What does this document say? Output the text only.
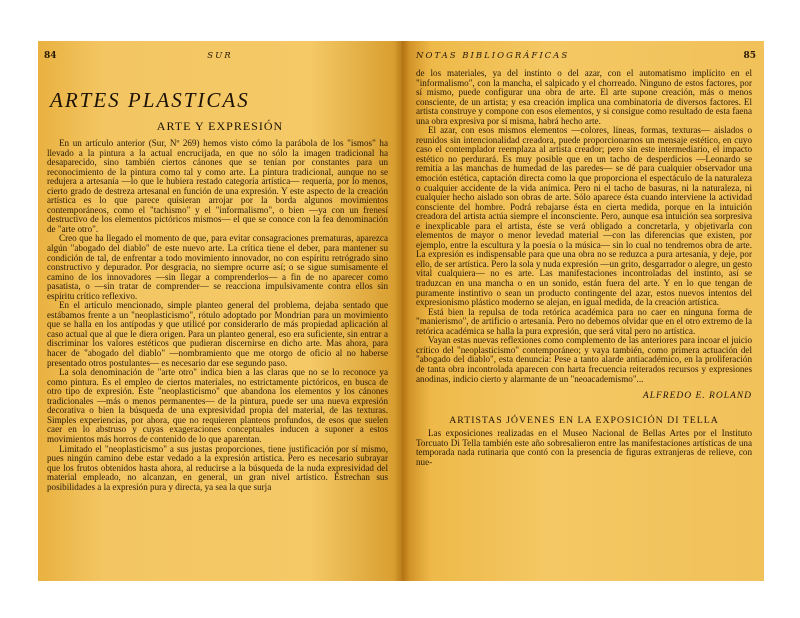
84	SUR
ARTES PLASTICAS
ARTE Y EXPRESIÓN

En un artículo anterior (Sur, Nº 269) hemos visto cómo la parábola de los "ismos" ha llevado a la pintura a la actual encrucijada, en que no sólo la imagen tradicional ha desaparecido, sino también ciertos cánones que se tenían por constantes para un reconocimiento de la pintura como tal y como arte. La pintura tradicional, aunque no se redujera a artesanía —lo que le hubiera restado categoría artística— requería, por lo menos, cierto grado de destreza artesanal en función de una expresión. Y este aspecto de la creación artística es lo que parece quisieran arrojar por la borda algunos movimientos contemporáneos, como el "tachismo" y el "informalismo", o bien —ya con un frenesí destructivo de los elementos pictóricos mismos— el que se conoce con la fea denominación de "arte otro".

Creo que ha llegado el momento de que, para evitar consagraciones prematuras, aparezca algún "abogado del diablo" de este nuevo arte. La crítica tiene el deber, para mantener su condición de tal, de enfrentar a todo movimiento innovador, no con espíritu retrógrado sino constructivo y depurador. Por desgracia, no siempre ocurre así; o se sigue sumisamente el camino de los innovadores —sin llegar a comprenderlos— a fin de no aparecer como pasatista, o —sin tratar de comprender— se reacciona impulsivamente contra ellos sin espíritu crítico reflexivo.

En el artículo mencionado, simple planteo general del problema, dejaba sentado que estábamos frente a un "neoplasticismo", rótulo adoptado por Mondrian para un movimiento que se halla en los antípodas y que utilicé por considerarlo de más propiedad aplicación al caso actual que al que le diera origen. Para un planteo general, eso era suficiente, sin entrar a discriminar los valores estéticos que pudieran discernirse en dicho arte. Mas ahora, para hacer de "abogado del diablo" —nombramiento que me otorgo de oficio al no haberse presentado otros postulantes— es necesario dar ese segundo paso.

La sola denominación de "arte otro" indica bien a las claras que no se lo reconoce ya como pintura. Es el empleo de ciertos materiales, no estrictamente pictóricos, en busca de otro tipo de expresión. Este "neoplasticismo" que abandona los elementos y los cánones tradicionales —más o menos permanentes— de la pintura, puede ser una nueva expresión decorativa o bien la búsqueda de una expresividad propia del material, de las texturas. Simples experiencias, por ahora, que no requieren planteos profundos, de esos que suelen caer en lo abstruso y cuyas exageraciones conceptuales inducen a suponer a estos movimientos más horros de contenido de lo que aparentan.

Limitado el "neoplasticismo" a sus justas proporciones, tiene justificación por sí mismo, pues ningún camino debe estar vedado a la expresión artística. Pero es necesario subrayar que los frutos obtenidos hasta ahora, al reducirse a la búsqueda de la nuda expresividad del material empleado, no alcanzan, en general, un gran nivel artístico. Estrechan sus posibilidades a la expresión pura y directa, ya sea la que surja

NOTAS BIBLIOGRÁFICAS	85

de los materiales, ya del instinto o del azar, con el automatismo implícito en el "informalismo", con la mancha, el salpicado y el chorreado. Ninguno de estos factores, por sí mismo, puede configurar una obra de arte. El arte supone creación, más o menos consciente, de un artista; y esa creación implica una combinatoria de diversos factores. El artista construye y compone con esos elementos, y si consigue como resultado de esta faena una obra expresiva por sí misma, habrá hecho arte.

El azar, con esos mismos elementos —colores, líneas, formas, texturas— aislados o reunidos sin intencionalidad creadora, puede proporcionarnos un mensaje estético, en cuyo caso el contemplador reemplaza al artista creador; pero sin este intermediario, el impacto estético no perdurará. Es muy posible que en un tacho de desperdicios —Leonardo se remitía a las manchas de humedad de las paredes— se dé para cualquier observador una emoción estética, captación directa como la que proporciona el espectáculo de la naturaleza o cualquier accidente de la vida anímica. Pero ni el tacho de basuras, ni la naturaleza, ni cualquier hecho aislado son obras de arte. Sólo aparece ésta cuando interviene la actividad consciente del hombre. Podrá rebajarse ésta en cierta medida, porque en la intuición creadora del artista actúa siempre el inconsciente. Pero, aunque esa intuición sea sorpresiva e inexplicable para el artista, éste se verá obligado a concretarla, y objetivarla con elementos de mayor o menor levedad material —con las diferencias que existen, por ejemplo, entre la escultura y la poesía o la música— sin lo cual no tendremos obra de arte. La expresión es indispensable para que una obra no se reduzca a pura artesanía, y deje, por ello, de ser artística. Pero la sola y nuda expresión —un grito, desgarrador o alegre, un gesto vital cualquiera— no es arte. Las manifestaciones incontroladas del instinto, así se traduzcan en una mancha o en un sonido, están fuera del arte. Y en lo que tengan de puramente instintivo o sean un producto contingente del azar, estos nuevos intentos del expresionismo plástico moderno se alejan, en igual medida, de la creación artística.

Está bien la repulsa de toda retórica académica para no caer en ninguna forma de "manierismo", de artificio o artesanía. Pero no debemos olvidar que en el otro extremo de la retórica académica se halla la pura expresión, que será vital pero no artística.

Vayan estas nuevas reflexiones como complemento de las anteriores para incoar el juicio crítico del "neoplasticismo" contemporáneo; y vaya también, como primera actuación del "abogado del diablo", esta denuncia: Pese a tanto alarde antiacadémico, en la proliferación de tanta obra incontrolada aparecen con harta frecuencia reiterados recursos y expresiones anodinas, indicio cierto y alarmante de un "neoacademismo"...

ALFREDO E. ROLAND
ARTISTAS JÓVENES EN LA EXPOSICIÓN DI TELLA

Las exposiciones realizadas en el Museo Nacional de Bellas Artes por el Instituto Torcuato Di Tella también este año sobresalieron entre las manifestaciones artísticas de una temporada nada rutinaria que contó con la presencia de figuras extranjeras de relieve, con nue-
